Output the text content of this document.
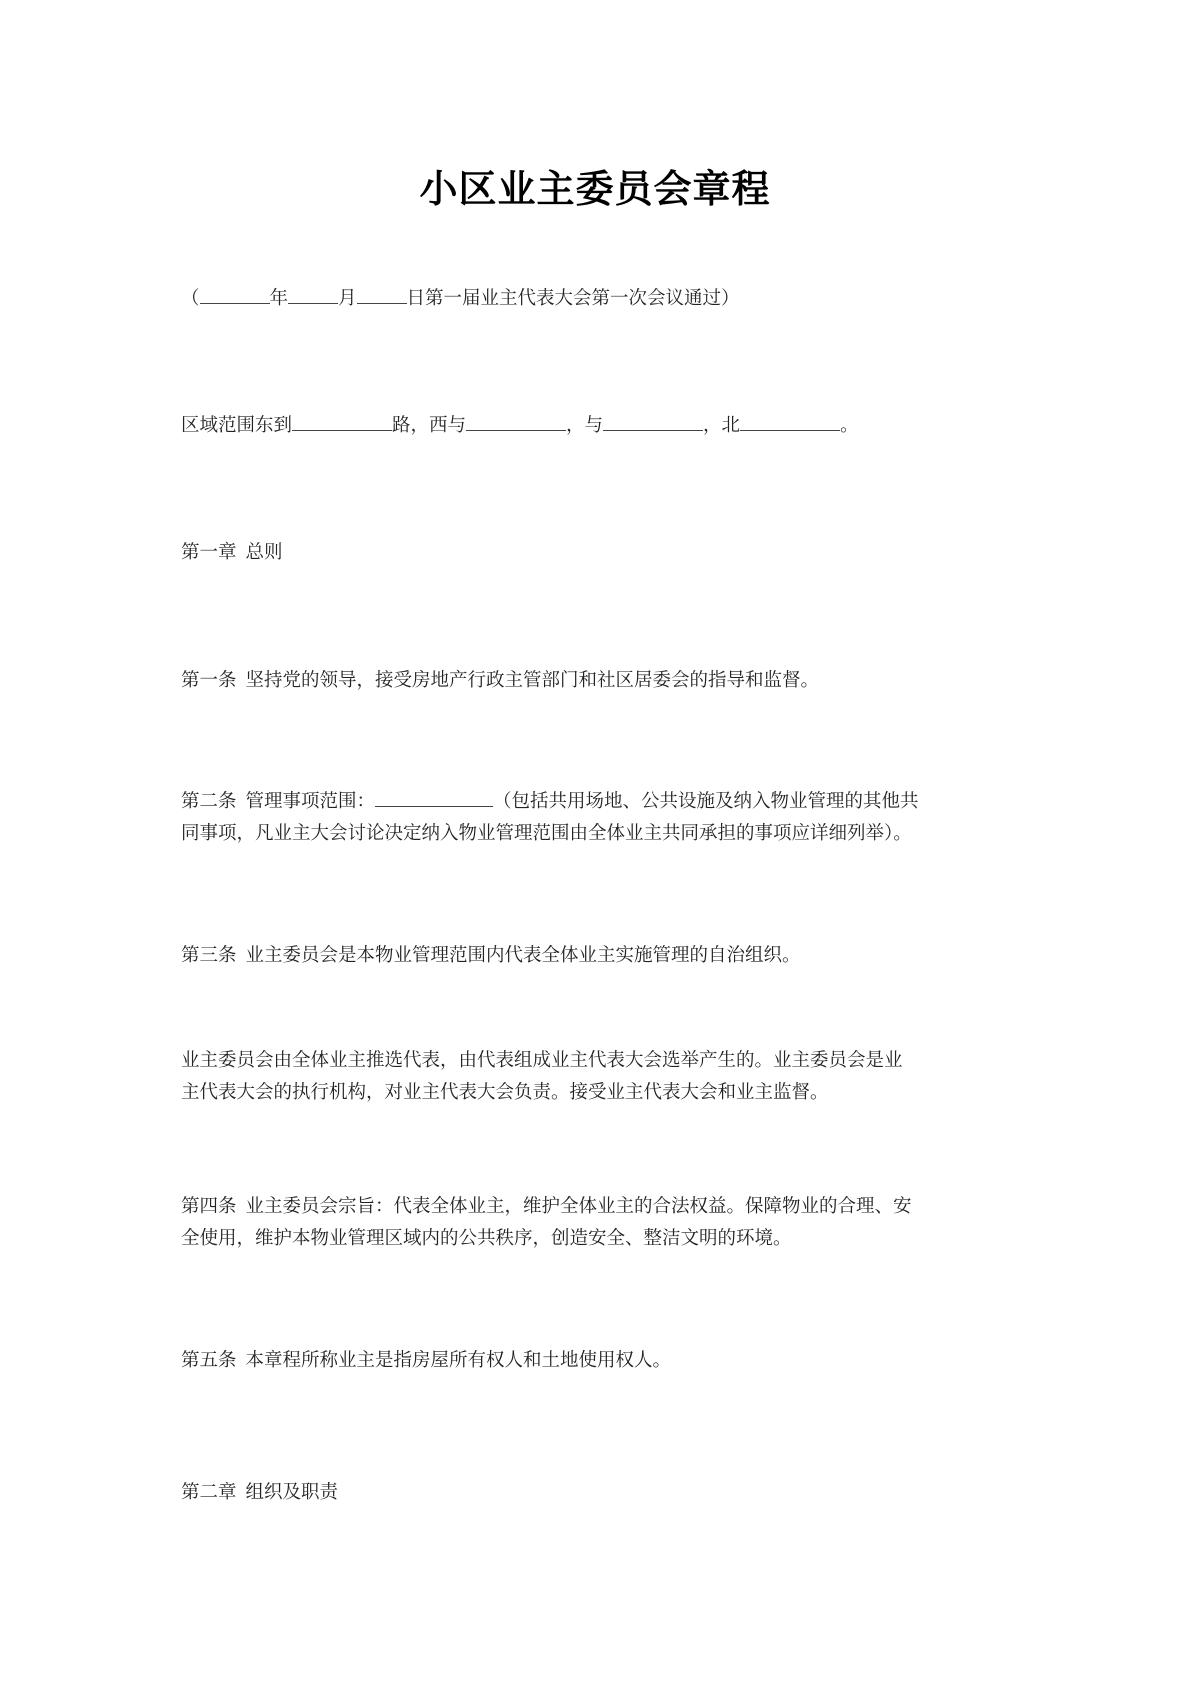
小区业主委员会章程
（	年	月	日第一届业主代表大会第一次会议通过）
区域范围东到	路，西与	，与	，北	。
第一章 总则
第一条 坚持党的领导，接受房地产行政主管部门和社区居委会的指导和监督。
第二条 管理事项范围：	（包括共用场地、公共设施及纳入物业管理的其他共
同事项，凡业主大会讨论决定纳入物业管理范围由全体业主共同承担的事项应详细列举）。
第三条 业主委员会是本物业管理范围内代表全体业主实施管理的自治组织。
业主委员会由全体业主推选代表，由代表组成业主代表大会选举产生的。业主委员会是业
主代表大会的执行机构，对业主代表大会负责。接受业主代表大会和业主监督。
第四条 业主委员会宗旨：代表全体业主，维护全体业主的合法权益。保障物业的合理、安
全使用，维护本物业管理区域内的公共秩序，创造安全、整洁文明的环境。
第五条 本章程所称业主是指房屋所有权人和土地使用权人。
第二章 组织及职责
